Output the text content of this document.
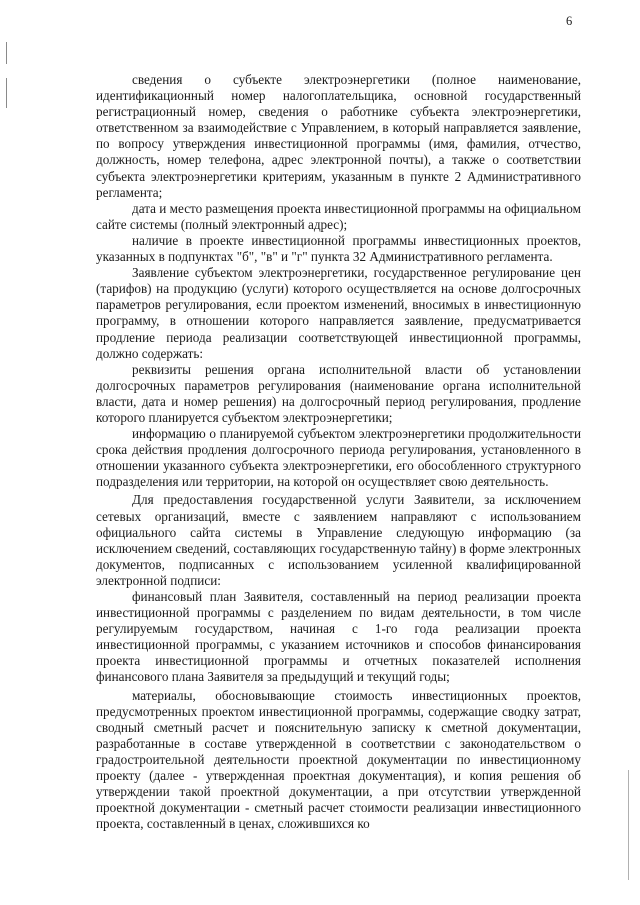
6

сведения о субъекте электроэнергетики (полное наименование, идентификационный номер налогоплательщика, основной государственный регистрационный номер, сведения о работнике субъекта электроэнергетики, ответственном за взаимодействие с Управлением, в который направляется заявление, по вопросу утверждения инвестиционной программы (имя, фамилия, отчество, должность, номер телефона, адрес электронной почты), а также о соответствии субъекта электроэнергетики критериям, указанным в пункте 2 Административного регламента;

дата и место размещения проекта инвестиционной программы на официальном сайте системы (полный электронный адрес);

наличие в проекте инвестиционной программы инвестиционных проектов, указанных в подпунктах "б", "в" и "г" пункта 32 Административного регламента.

Заявление субъектом электроэнергетики, государственное регулирование цен (тарифов) на продукцию (услуги) которого осуществляется на основе долгосрочных параметров регулирования, если проектом изменений, вносимых в инвестиционную программу, в отношении которого направляется заявление, предусматривается продление периода реализации соответствующей инвестиционной программы, должно содержать:

реквизиты решения органа исполнительной власти об установлении долгосрочных параметров регулирования (наименование органа исполнительной власти, дата и номер решения) на долгосрочный период регулирования, продление которого планируется субъектом электроэнергетики;

информацию о планируемой субъектом электроэнергетики продолжительности срока действия продления долгосрочного периода регулирования, установленного в отношении указанного субъекта электроэнергетики, его обособленного структурного подразделения или территории, на которой он осуществляет свою деятельность.

Для предоставления государственной услуги Заявители, за исключением сетевых организаций, вместе с заявлением направляют с использованием официального сайта системы в Управление следующую информацию (за исключением сведений, составляющих государственную тайну) в форме электронных документов, подписанных с использованием усиленной квалифицированной электронной подписи:

финансовый план Заявителя, составленный на период реализации проекта инвестиционной программы с разделением по видам деятельности, в том числе регулируемым государством, начиная с 1-го года реализации проекта инвестиционной программы, с указанием источников и способов финансирования проекта инвестиционной программы и отчетных показателей исполнения финансового плана Заявителя за предыдущий и текущий годы;

материалы, обосновывающие стоимость инвестиционных проектов, предусмотренных проектом инвестиционной программы, содержащие сводку затрат, сводный сметный расчет и пояснительную записку к сметной документации, разработанные в составе утвержденной в соответствии с законодательством о градостроительной деятельности проектной документации по инвестиционному проекту (далее - утвержденная проектная документация), и копия решения об утверждении такой проектной документации, а при отсутствии утвержденной проектной документации - сметный расчет стоимости реализации инвестиционного проекта, составленный в ценах, сложившихся ко
